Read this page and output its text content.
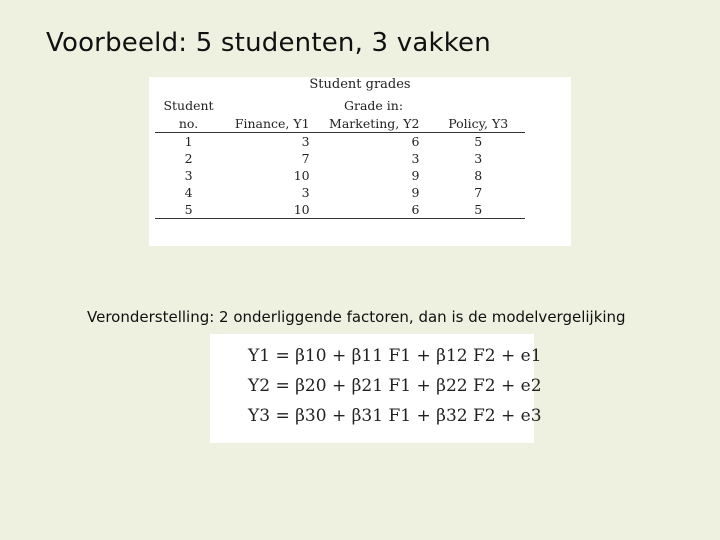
Voorbeeld: 5 studenten, 3 vakken
Student grades
Student	Grade in:		
no.	Finance, Y1	Marketing, Y2	Policy, Y3
1	3	6	5
2	7	3	3
3	10	9	8
4	3	9	7
5	10	6	5
Veronderstelling: 2 onderliggende factoren, dan is de modelvergelijking
Y1 = β10 + β11 F1 + β12 F2 + e1
Y2 = β20 + β21 F1 + β22 F2 + e2
Y3 = β30 + β31 F1 + β32 F2 + e3
